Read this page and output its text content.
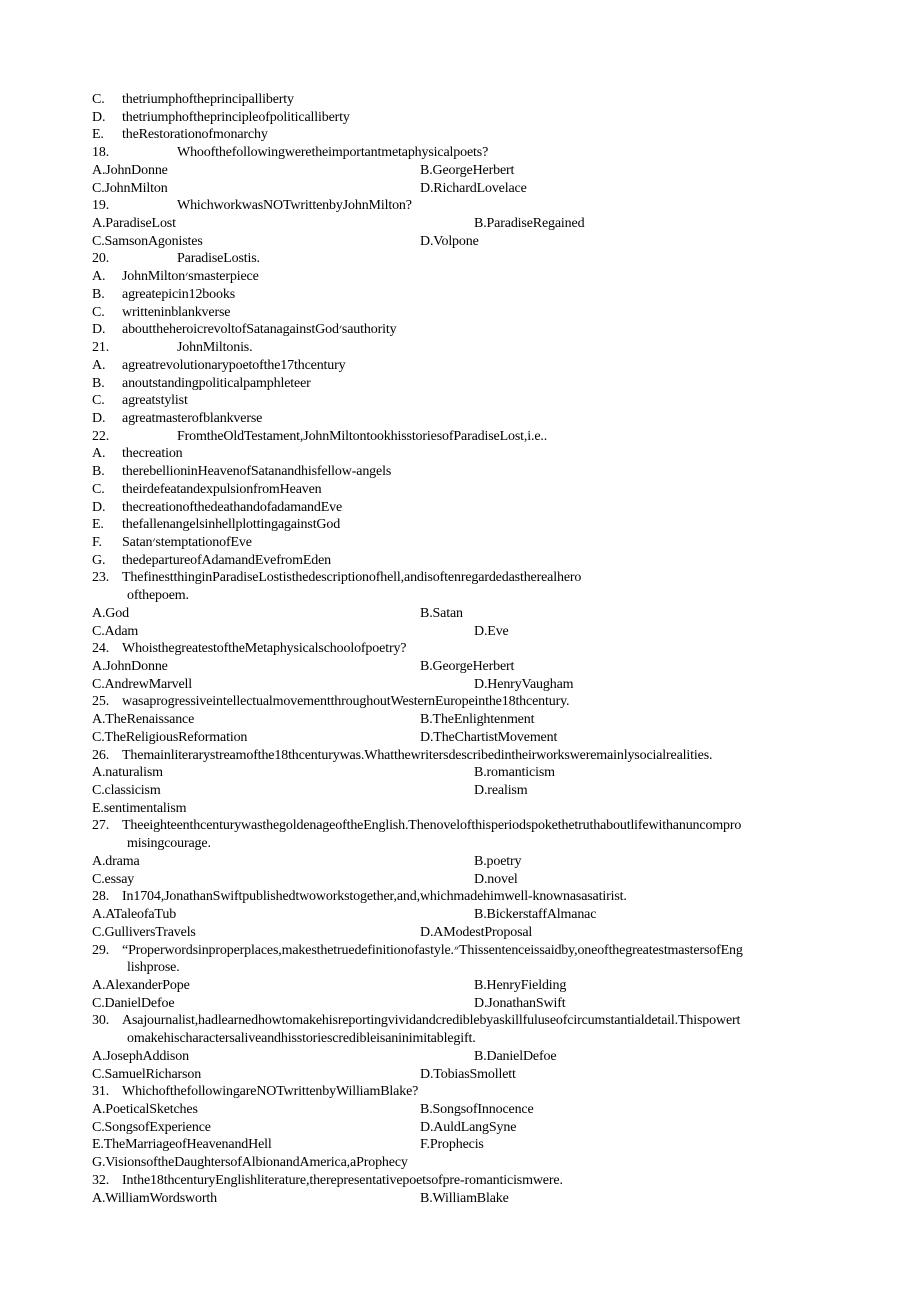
C. thetriumphoftheprincipalliberty
D. thetriumphoftheprincipleofpoliticalliberty
E. theRestorationofmonarchy
18.	Whoofthefollowingweretheimportantmetaphysicalpoets?
A.JohnDonne	B.GeorgeHerbert
C.JohnMilton	D.RichardLovelace
19.	WhichworkwasNOTwrittenbyJohnMilton?
A.ParadiseLost	B.ParadiseRegained
C.SamsonAgonistes	D.Volpone
20.	ParadiseLostis.
A. JohnMilton׳smasterpiece
B. agreatepicin12books
C. writteninblankverse
D. abouttheheroicrevoltofSatanagainstGod׳sauthority
21.	JohnMiltonis.
A. agreatrevolutionarypoetofthe17thcentury
B. anoutstandingpoliticalpamphleteer
C. agreatstylist
D. agreatmasterofblankverse
22.	FromtheOldTestament,JohnMiltontookhisstoriesofParadiseLost,i.e..
A. thecreation
B. therebellioninHeavenofSatanandhisfellow-angels
C. theirdefeatandexpulsionfromHeaven
D. thecreationofthedeathandofadamandEve
E. thefallenangelsinhellplottingagainstGod
F. Satan׳stemptationofEve
G. thedepartureofAdamandEvefromEden
23. ThefinestthinginParadiseLostisthedescriptionofhell,andisoftenregardedastherealhero
ofthepoem.
A.God	B.Satan
C.Adam	D.Eve
24. WhoisthegreatestoftheMetaphysicalschoolofpoetry?
A.JohnDonne	B.GeorgeHerbert
C.AndrewMarvell	D.HenryVaugham
25. wasaprogressiveintellectualmovementthroughoutWesternEuropeinthe18thcentury.
A.TheRenaissance	B.TheEnlightenment
C.TheReligiousReformation	D.TheChartistMovement
26. Themainliterarystreamofthe18thcenturywas.Whatthewritersdescribedintheirworksweremainlysocialrealities.
A.naturalism	B.romanticism
C.classicism	D.realism
E.sentimentalism
27. TheeighteenthcenturywasthegoldenageoftheEnglish.Thenovelofthisperiodspokethetruthaboutlifewithanuncompro
misingcourage.
A.drama	B.poetry
C.essay	D.novel
28. In1704,JonathanSwiftpublishedtwoworkstogether,and,whichmadehimwell-knownasasatirist.
A.ATaleofaTub	B.BickerstaffAlmanac
C.GulliversTravels	D.AModestProposal
29. “Properwordsinproperplaces,makesthetruedefinitionofastyle.״Thissentenceissaidby,oneofthegreatestmastersofEng
lishprose.
A.AlexanderPope	B.HenryFielding
C.DanielDefoe	D.JonathanSwift
30. Asajournalist,hadlearnedhowtomakehisreportingvividandcrediblebyaskillfuluseofcircumstantialdetail.Thispowert
omakehischaractersaliveandhisstoriescredibleisaninimitablegift.
A.JosephAddison	B.DanielDefoe
C.SamuelRicharson	D.TobiasSmollett
31. WhichofthefollowingareNOTwrittenbyWilliamBlake?
A.PoeticalSketches	B.SongsofInnocence
C.SongsofExperience	D.AuldLangSyne
E.TheMarriageofHeavenandHell	F.Prophecis
G.VisionsoftheDaughtersofAlbionandAmerica,aProphecy
32. Inthe18thcenturyEnglishliterature,therepresentativepoetsofpre-romanticismwere.
A.WilliamWordsworth	B.WilliamBlake
